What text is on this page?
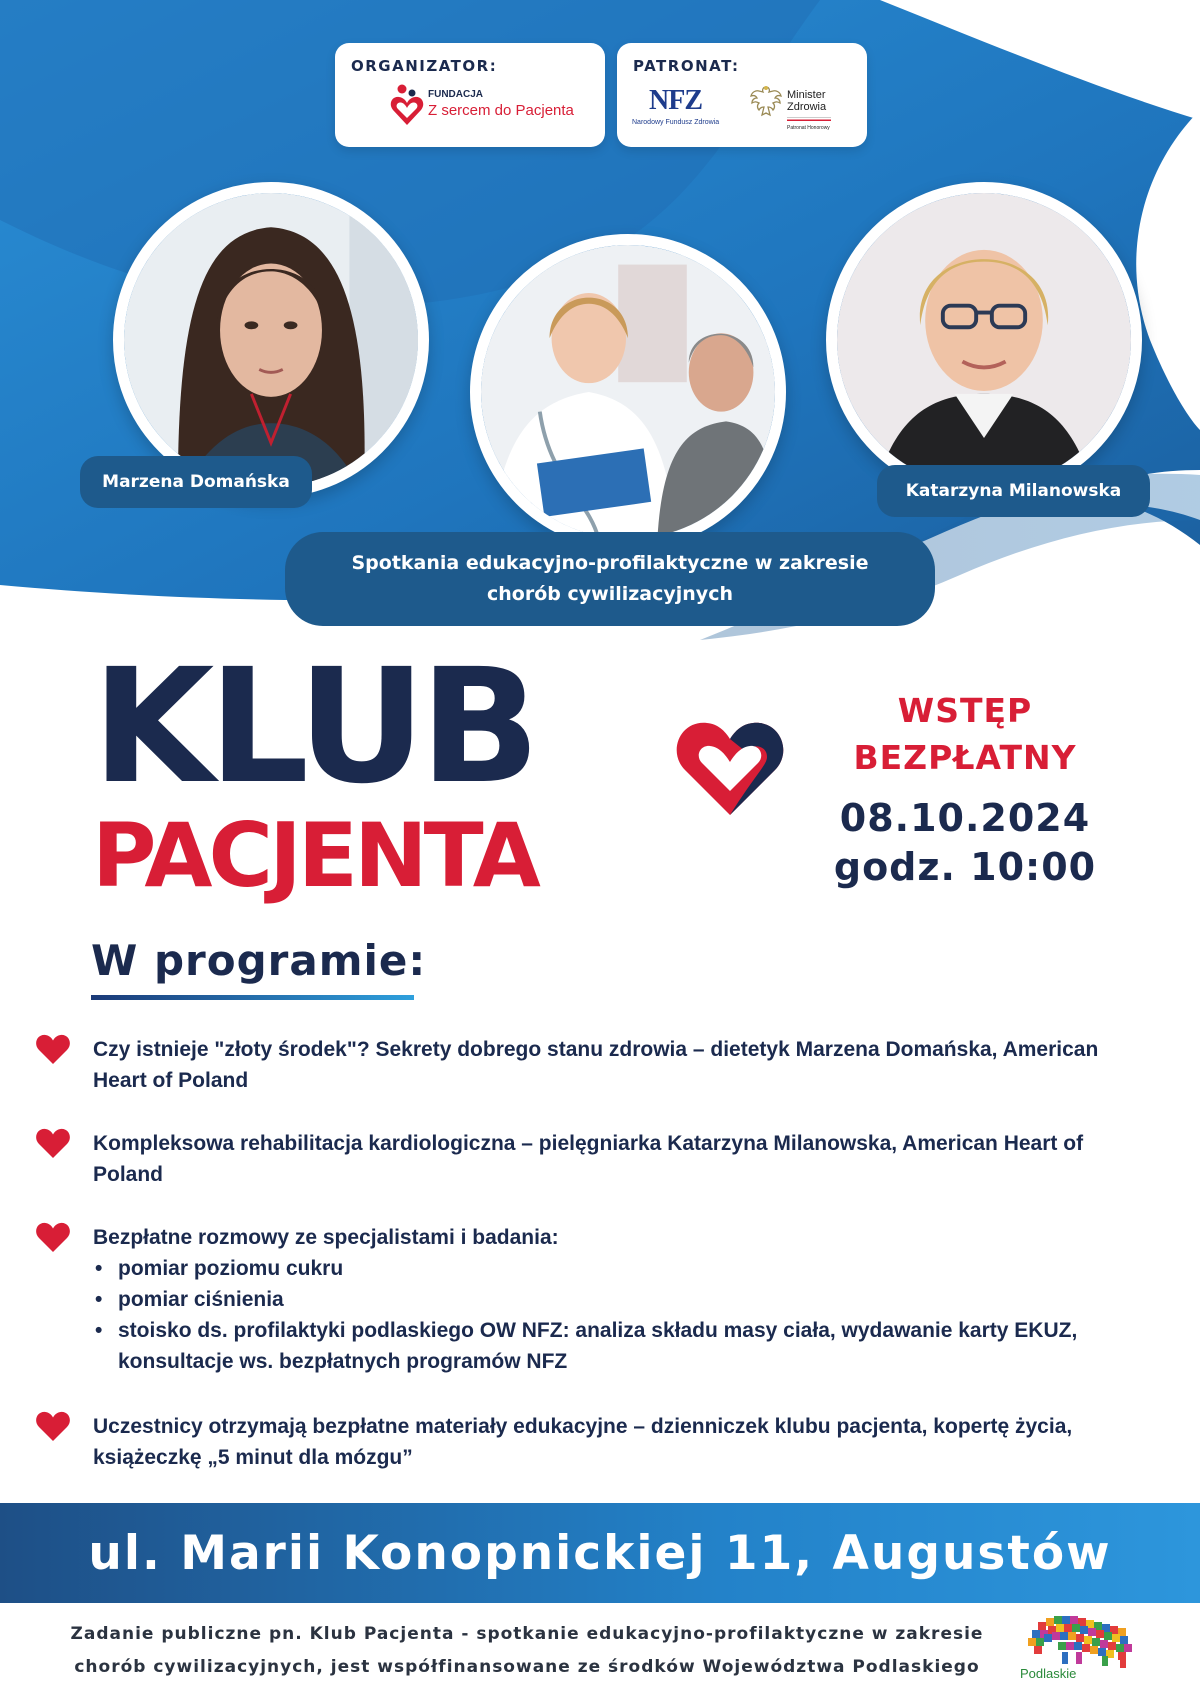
ORGANIZATOR:
FUNDACJA
Z sercem do Pacjenta
PATRONAT:
NFZ
Narodowy Fundusz Zdrowia
Minister
Zdrowia
Patronat Honorowy
Marzena Domańska	Katarzyna Milanowska
Spotkania edukacyjno-profilaktyczne w zakresie
chorób cywilizacyjnych
KLUB
PACJENTA
WSTĘP
BEZPŁATNY
08.10.2024
godz. 10:00
W programie:
Czy istnieje "złoty środek"? Sekrety dobrego stanu zdrowia – dietetyk Marzena Domańska, American Heart of Poland
Kompleksowa rehabilitacja kardiologiczna – pielęgniarka Katarzyna Milanowska, American Heart of Poland
Bezpłatne rozmowy ze specjalistami i badania:
• pomiar poziomu cukru
• pomiar ciśnienia
• stoisko ds. profilaktyki podlaskiego OW NFZ: analiza składu masy ciała, wydawanie karty EKUZ, konsultacje ws. bezpłatnych programów NFZ
Uczestnicy otrzymają bezpłatne materiały edukacyjne – dzienniczek klubu pacjenta, kopertę życia, książeczkę „5 minut dla mózgu”
ul. Marii Konopnickiej 11, Augustów
Zadanie publiczne pn. Klub Pacjenta - spotkanie edukacyjno-profilaktyczne w zakresie
chorób cywilizacyjnych, jest współfinansowane ze środków Województwa Podlaskiego	Podlaskie
